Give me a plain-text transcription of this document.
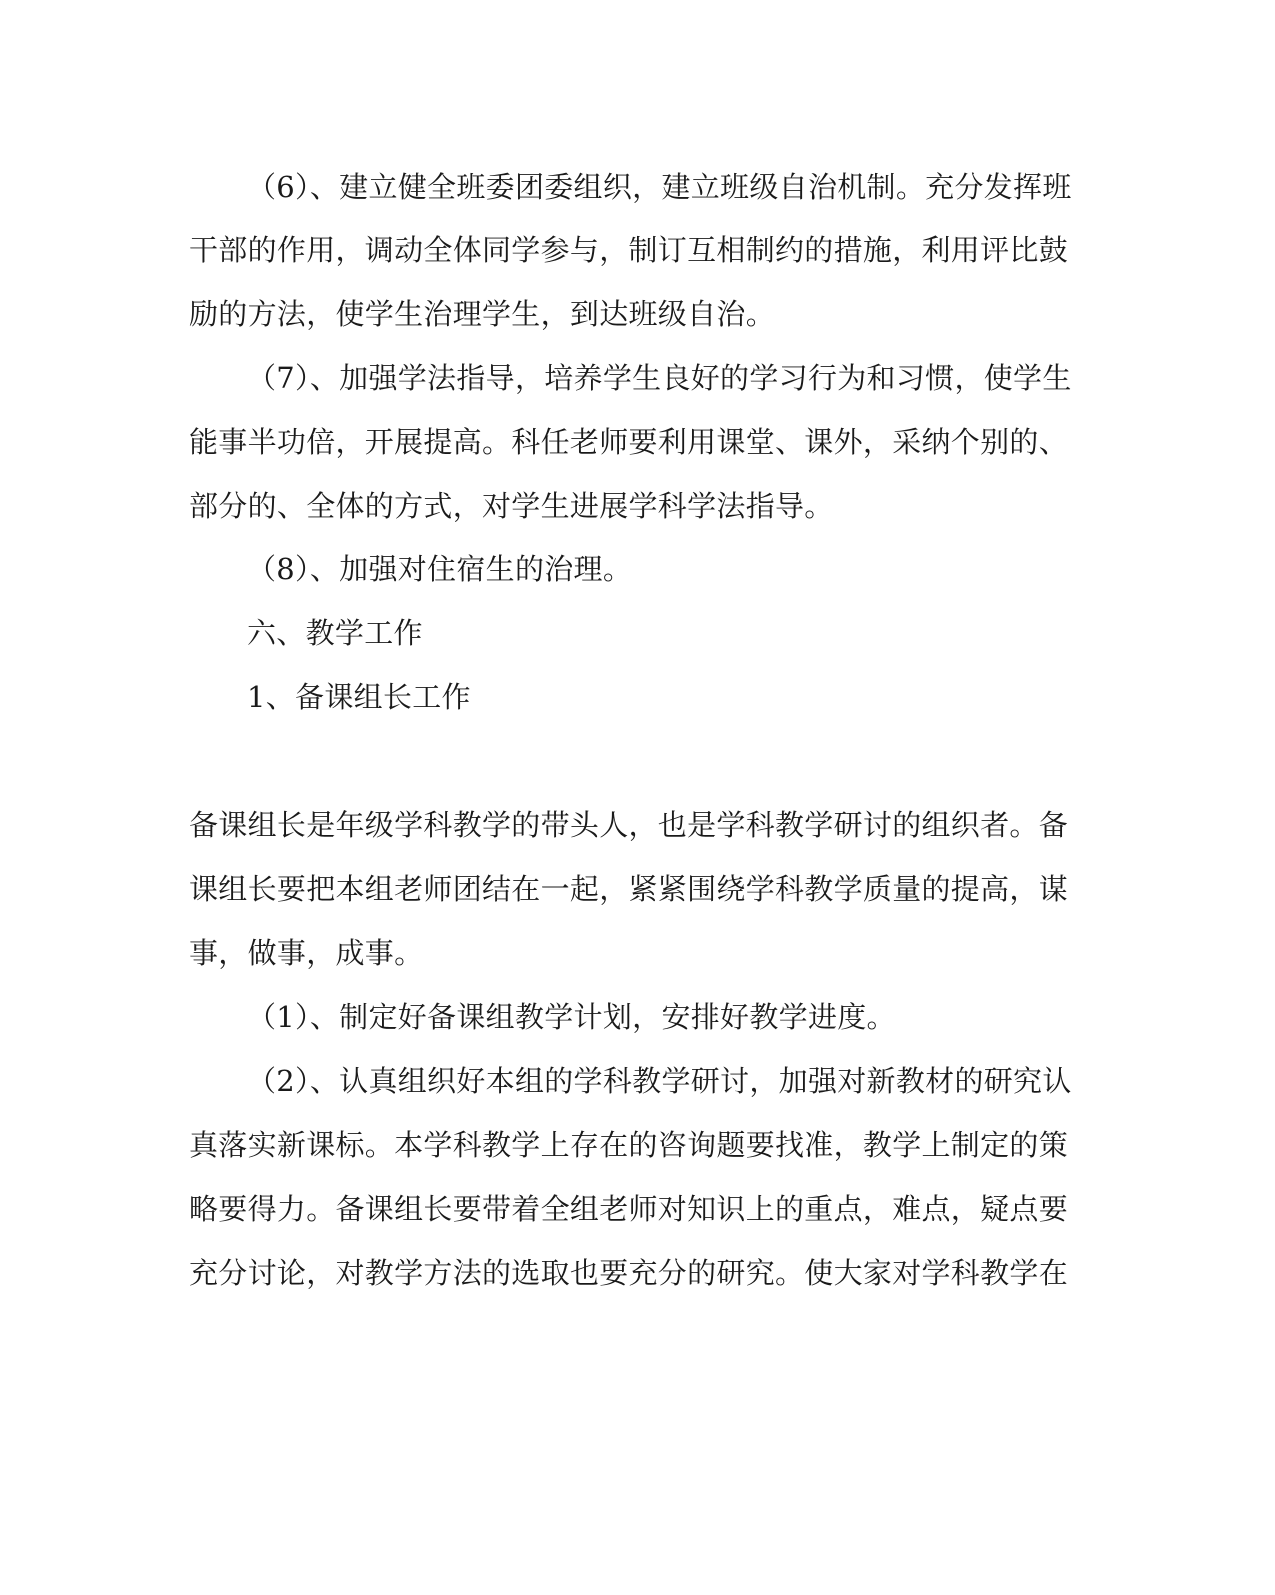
（6）、建立健全班委团委组织，建立班级自治机制。充分发挥班

干部的作用，调动全体同学参与，制订互相制约的措施，利用评比鼓

励的方法，使学生治理学生，到达班级自治。

（7）、加强学法指导，培养学生良好的学习行为和习惯，使学生

能事半功倍，开展提高。科任老师要利用课堂、课外，采纳个别的、

部分的、全体的方式，对学生进展学科学法指导。

（8）、加强对住宿生的治理。

六、教学工作

1、备课组长工作

备课组长是年级学科教学的带头人，也是学科教学研讨的组织者。备

课组长要把本组老师团结在一起，紧紧围绕学科教学质量的提高，谋

事，做事，成事。

（1）、制定好备课组教学计划，安排好教学进度。

（2）、认真组织好本组的学科教学研讨，加强对新教材的研究认

真落实新课标。本学科教学上存在的咨询题要找准，教学上制定的策

略要得力。备课组长要带着全组老师对知识上的重点，难点，疑点要

充分讨论，对教学方法的选取也要充分的研究。使大家对学科教学在
